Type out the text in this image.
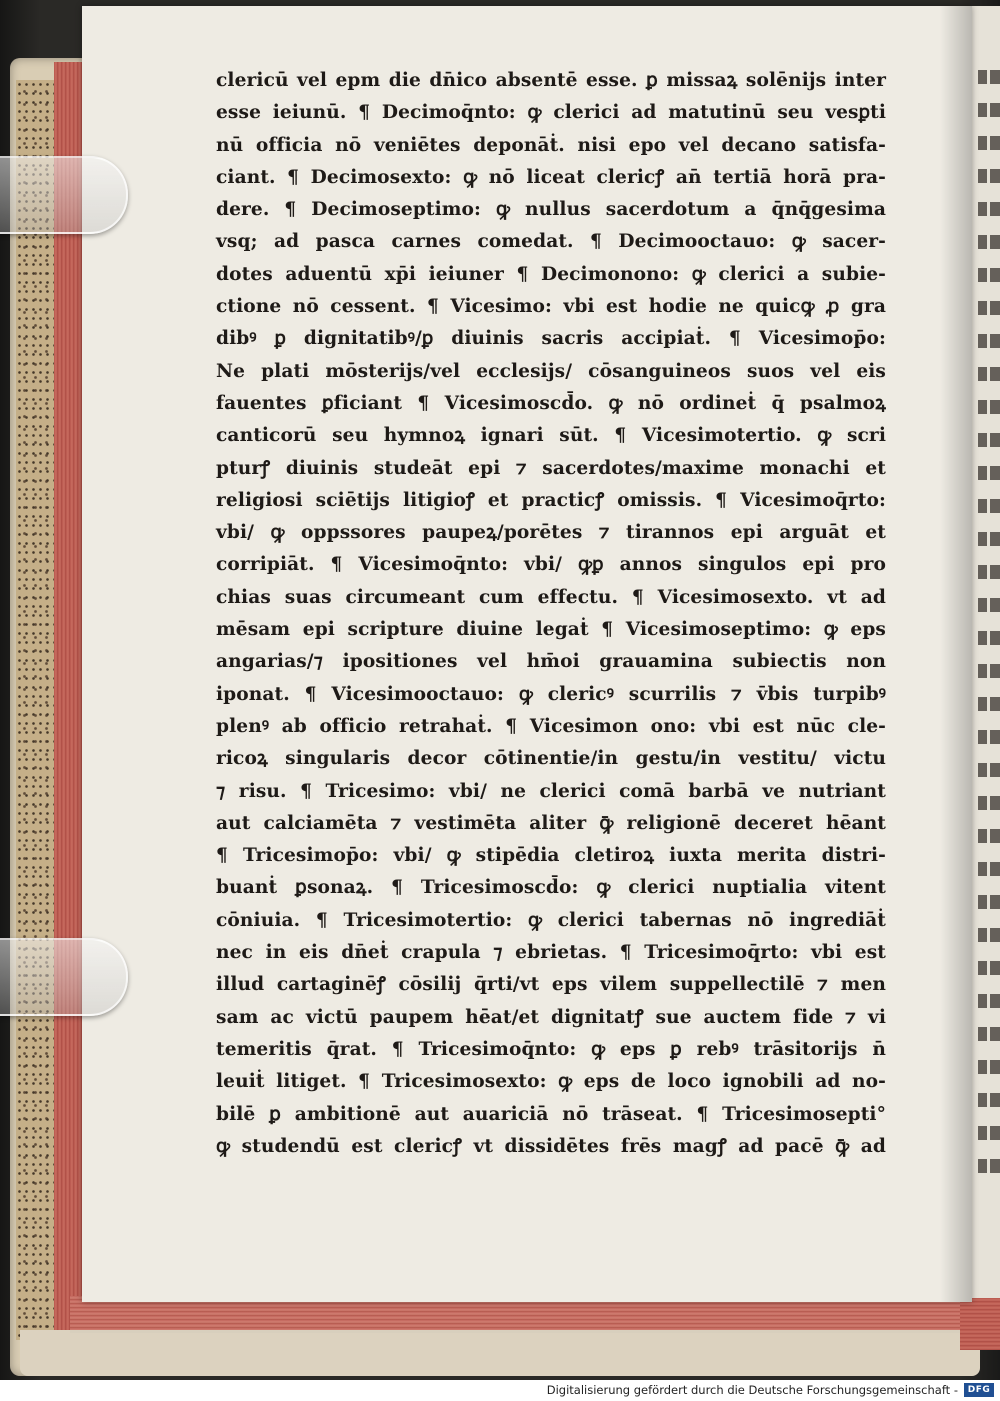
clericū vel epm die dn̄ico absentē esse. ꝑ missaꝝ solēnijs inter
esse ieiunū. ¶ Decimoq̄nto: ꝙ clerici ad matutinū seu vesꝑti
nū officia nō veniētes deponāṫ. nisi epo vel decano satisfa-
ciant. ¶ Decimosexto: ꝙ nō liceat clericꝭ an̄ tertiā horā pra-
dere. ¶ Decimoseptimo: ꝙ nullus sacerdotum a q̄nq̄gesima
vsq; ad pasca carnes comedat. ¶ Decimooctauo: ꝙ sacer-
dotes aduentū xp̄i ieiuner ¶ Decimonono: ꝙ clerici a subie-
ctione nō cessent. ¶ Vicesimo: vbi est hodie ne quicꝙ ꝓ gra
dibꝰ ꝑ dignitatibꝰ/ꝑ diuinis sacris accipiaṫ. ¶ Vicesimop̄o:
Ne plati mōsterijs/vel ecclesijs/ cōsanguineos suos vel eis
fauentes ꝑficiant ¶ Vicesimoscd̄o. ꝙ nō ordineṫ q̄ psalmoꝝ
canticorū seu hymnoꝝ ignari sūt. ¶ Vicesimotertio. ꝙ scri
pturꝭ diuinis studeāt epi ⁊ sacerdotes/maxime monachi et
religiosi sciētijs litigioꝭ et practicꝭ omissis. ¶ Vicesimoq̄rto:
vbi/ ꝙ oppssores paupeꝝ/porētes ⁊ tirannos epi arguāt et
corripiāt. ¶ Vicesimoq̄nto: vbi/ ꝙꝑ annos singulos epi pro
chias suas circumeant cum effectu. ¶ Vicesimosexto. vt ad
mēsam epi scripture diuine legaṫ ¶ Vicesimoseptimo: ꝙ eps
angarias/⁊ ipositiones vel hm̄oi grauamina subiectis non
iponat. ¶ Vicesimooctauo: ꝙ clericꝰ scurrilis ⁊ v̄bis turpibꝰ
plenꝰ ab officio retrahaṫ. ¶ Vicesimon ono: vbi est nūc cle-
ricoꝝ singularis decor cōtinentie/in gestu/in vestitu/ victu
⁊ risu. ¶ Tricesimo: vbi/ ne clerici comā barbā ve nutriant
aut calciamēta ⁊ vestimēta aliter ꝙ̄ religionē deceret hēant
¶ Tricesimop̄o: vbi/ ꝙ stipēdia cletiroꝝ iuxta merita distri-
buanṫ ꝑsonaꝝ. ¶ Tricesimoscd̄o: ꝙ clerici nuptialia vitent
cōniuia. ¶ Tricesimotertio: ꝙ clerici tabernas nō ingrediāṫ
nec in eis dn̄eṫ crapula ⁊ ebrietas. ¶ Tricesimoq̄rto: vbi est
illud cartaginēꝭ cōsilij q̄rti/vt eps vilem suppellectilē ⁊ men
sam ac victū paupem hēat/et dignitatꝭ sue auctem fide ⁊ vi
temeritis q̄rat. ¶ Tricesimoq̄nto: ꝙ eps ꝑ rebꝰ trāsitorijs n̄
leuiṫ litiget. ¶ Tricesimosexto: ꝙ eps de loco ignobili ad no-
bilē ꝑ ambitionē aut auariciā nō trāseat. ¶ Tricesimosepti°
ꝙ studendū est clericꝭ vt dissidētes frēs magꝭ ad pacē ꝙ̄ ad
Digitalisierung gefördert durch die Deutsche Forschungsgemeinschaft -	DFG
